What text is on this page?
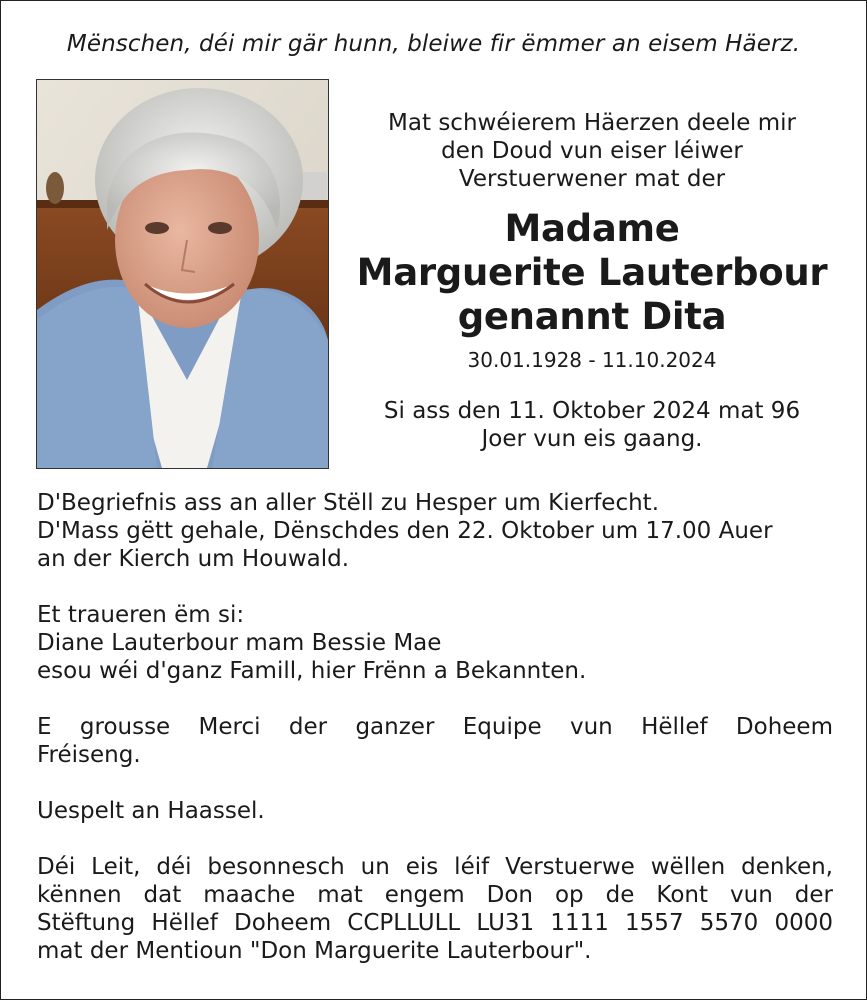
Mënschen, déi mir gär hunn, bleiwe fir ëmmer an eisem Häerz.
Mat schwéierem Häerzen deele mir
den Doud vun eiser léiwer
Verstuerwener mat der
Madame
Marguerite Lauterbour
genannt Dita
30.01.1928 - 11.10.2024
Si ass den 11. Oktober 2024 mat 96
Joer vun eis gaang.

D'Begriefnis ass an aller Stëll zu Hesper um Kierfecht.
D'Mass gëtt gehale, Dënschdes den 22. Oktober um 17.00 Auer
an der Kierch um Houwald.

Et traueren ëm si:
Diane Lauterbour mam Bessie Mae
esou wéi d'ganz Famill, hier Frënn a Bekannten.

E grousse Merci der ganzer Equipe vun Hëllef Doheem
Fréiseng.

Uespelt an Haassel.

Déi Leit, déi besonnesch un eis léif Verstuerwe wëllen denken,
kënnen dat maache mat engem Don op de Kont vun der
Stëftung Hëllef Doheem CCPLLULL LU31 1111 1557 5570 0000
mat der Mentioun "Don Marguerite Lauterbour".
